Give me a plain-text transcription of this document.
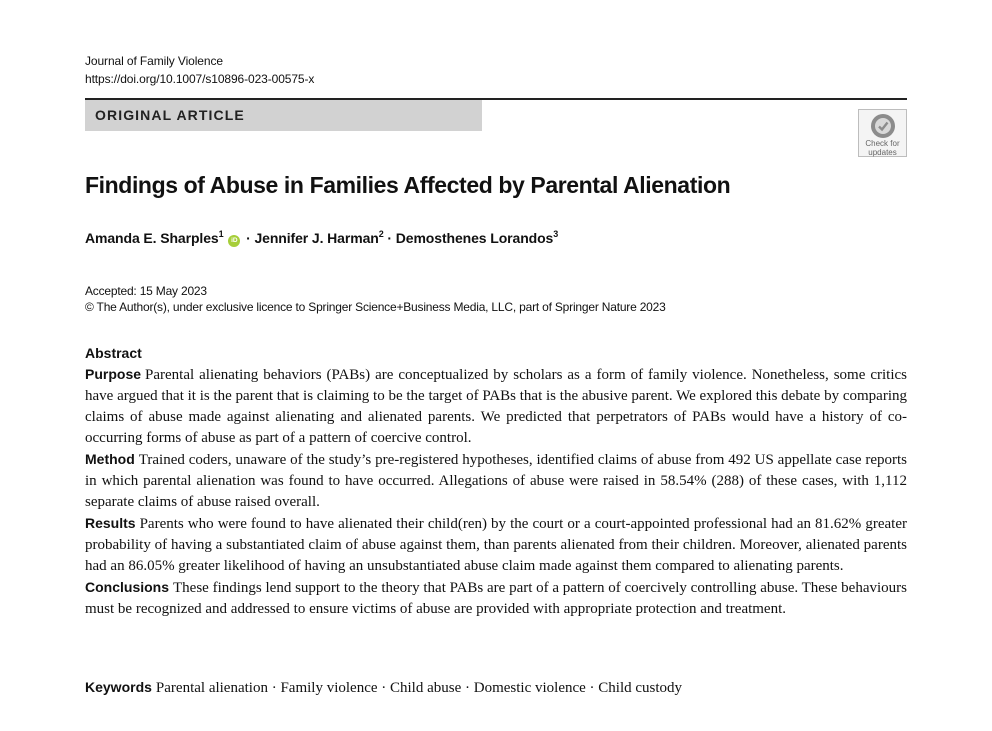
Journal of Family Violence
https://doi.org/10.1007/s10896-023-00575-x
ORIGINAL ARTICLE
Check for
updates
Findings of Abuse in Families Affected by Parental Alienation
Amanda E. Sharples$^1$ iD · Jennifer J. Harman$^2$ · Demosthenes Lorandos$^3$
Accepted: 15 May 2023
© The Author(s), under exclusive licence to Springer Science+Business Media, LLC, part of Springer Nature 2023
Abstract

Purpose Parental alienating behaviors (PABs) are conceptualized by scholars as a form of family violence. Nonetheless, some critics have argued that it is the parent that is claiming to be the target of PABs that is the abusive parent. We explored this debate by comparing claims of abuse made against alienating and alienated parents. We predicted that perpetrators of PABs would have a history of co-occurring forms of abuse as part of a pattern of coercive control.

Method Trained coders, unaware of the study’s pre-registered hypotheses, identified claims of abuse from 492 US appellate case reports in which parental alienation was found to have occurred. Allegations of abuse were raised in 58.54% (288) of these cases, with 1,112 separate claims of abuse raised overall.

Results Parents who were found to have alienated their child(ren) by the court or a court-appointed professional had an 81.62% greater probability of having a substantiated claim of abuse against them, than parents alienated from their children. Moreover, alienated parents had an 86.05% greater likelihood of having an unsubstantiated abuse claim made against them compared to alienating parents.

Conclusions These findings lend support to the theory that PABs are part of a pattern of coercively controlling abuse. These behaviours must be recognized and addressed to ensure victims of abuse are provided with appropriate protection and treatment.

Keywords Parental alienation · Family violence · Child abuse · Domestic violence · Child custody
